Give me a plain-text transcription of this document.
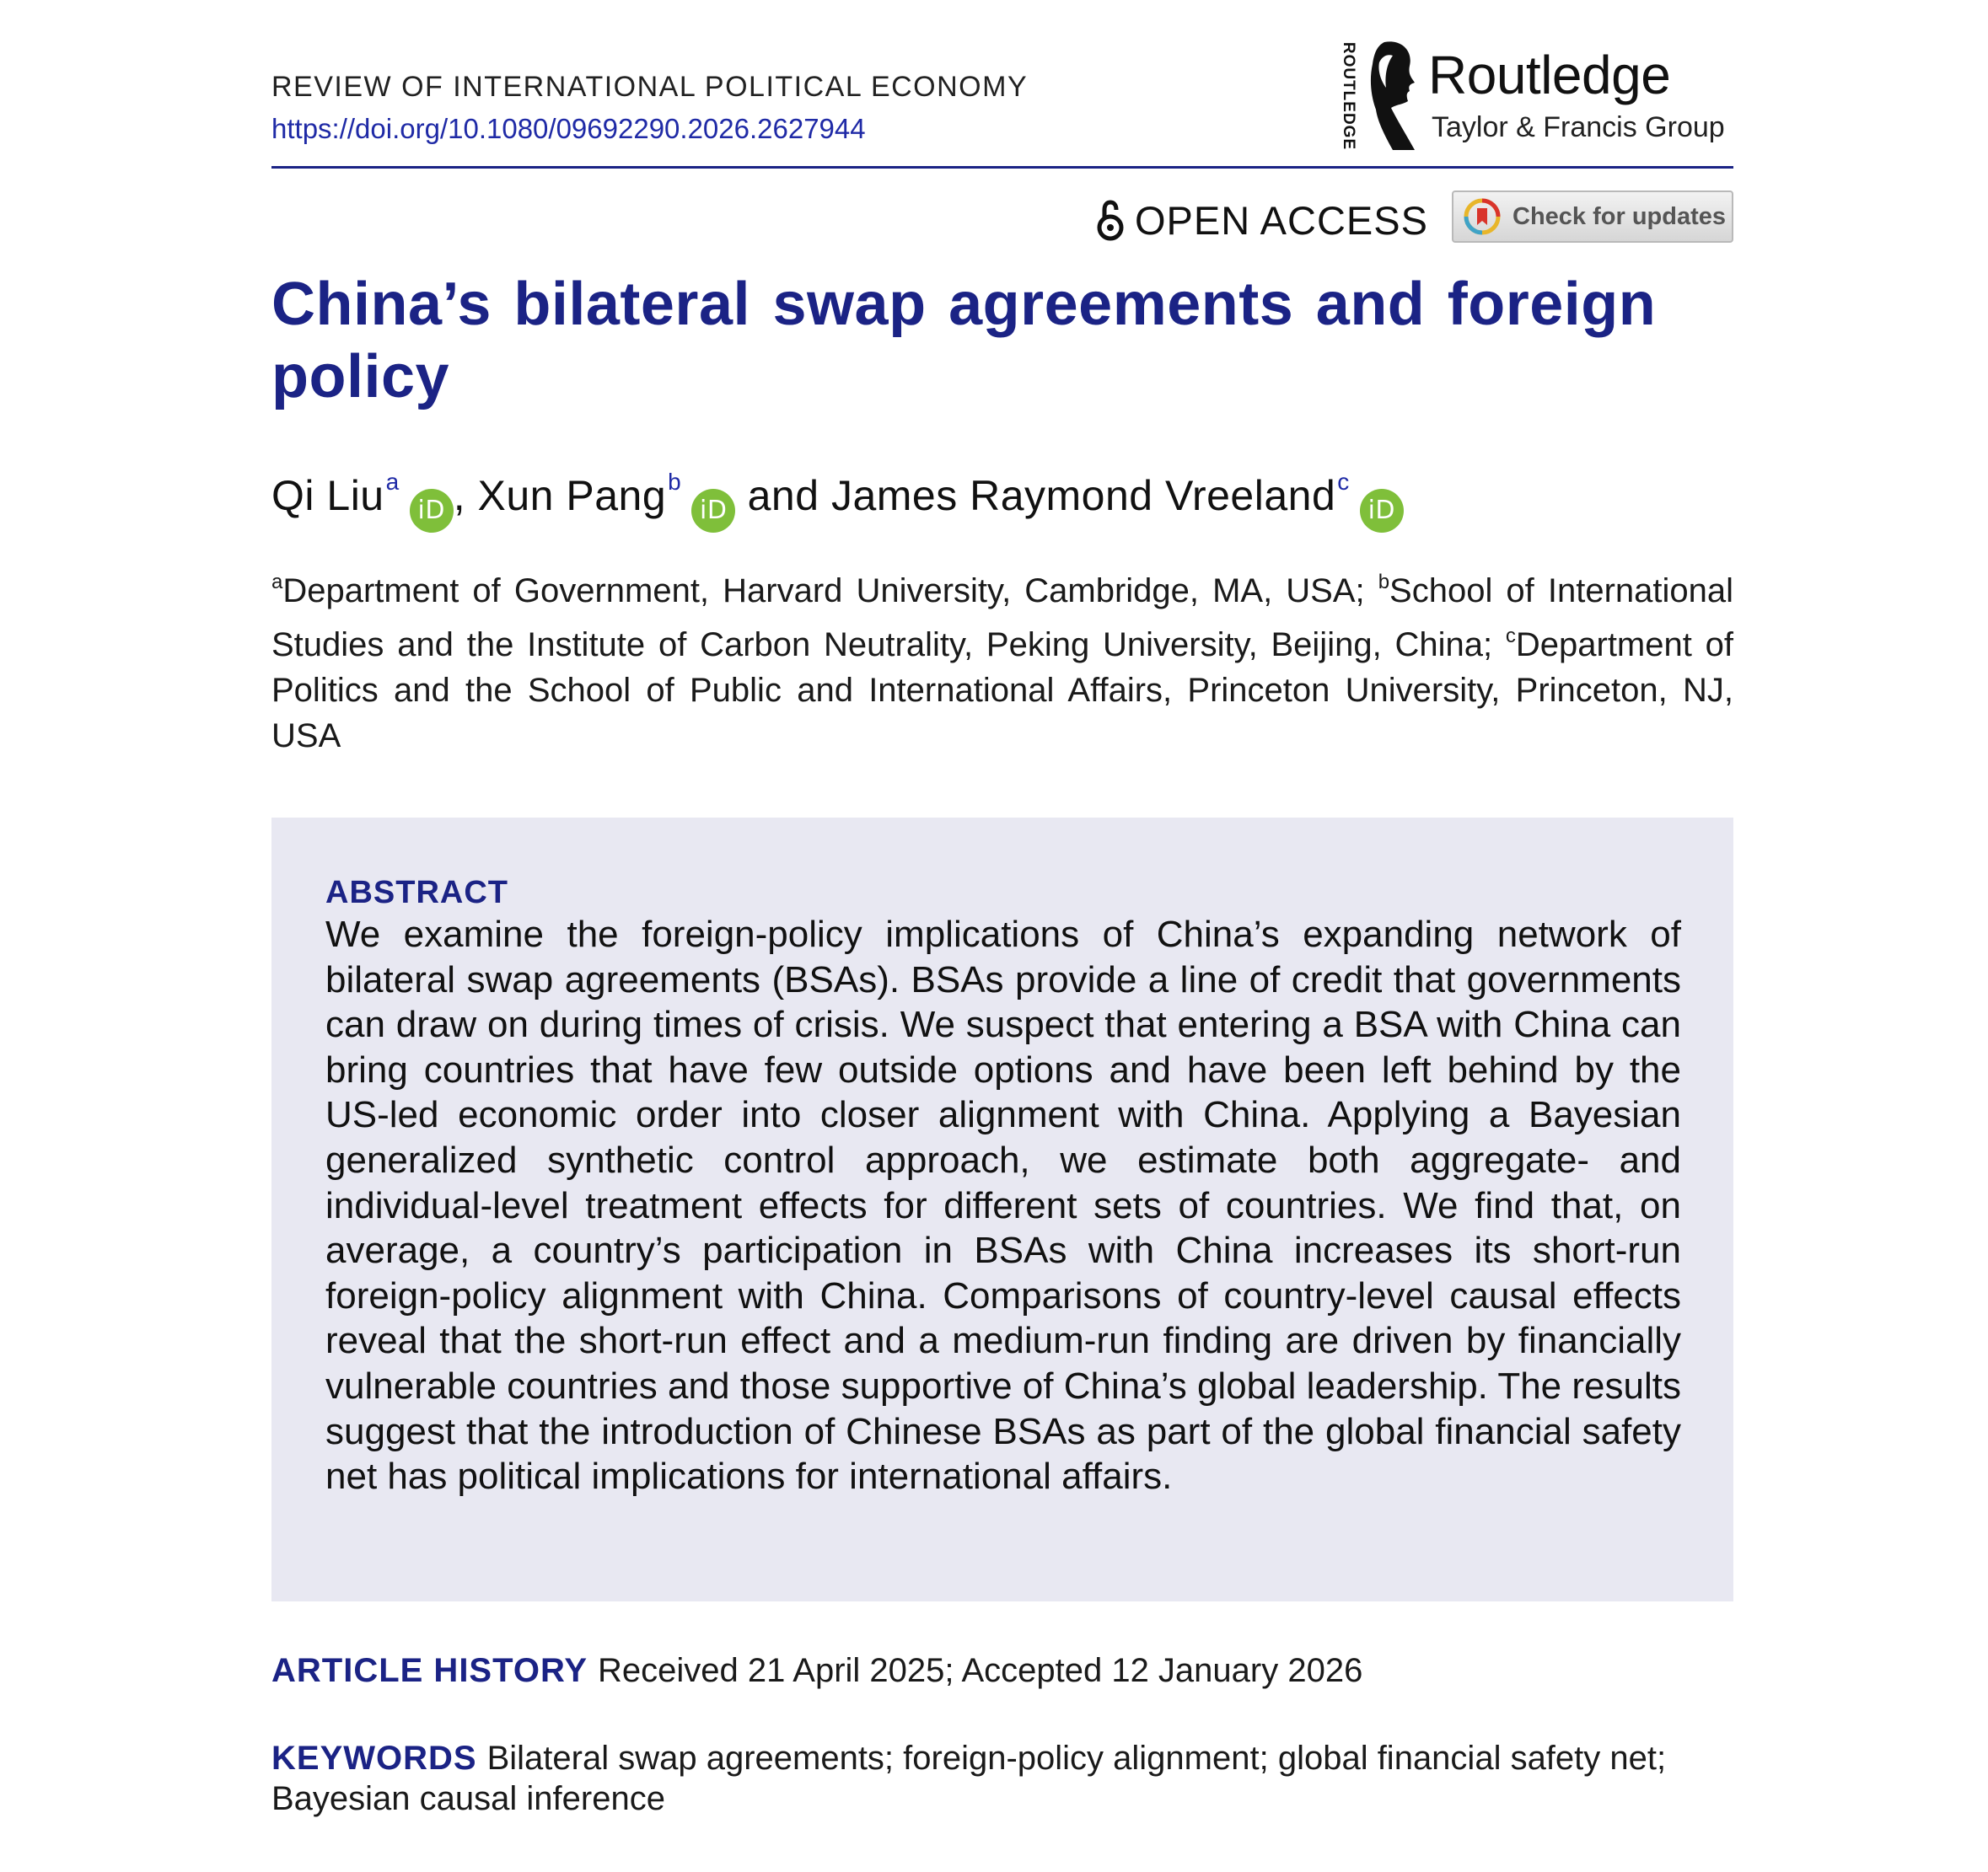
REVIEW OF INTERNATIONAL POLITICAL ECONOMY
https://doi.org/10.1080/09692290.2026.2627944	ROUTLEDGE Routledge
Taylor & Francis Group
OPEN ACCESS	Check for updates
China’s bilateral swap agreements and foreign policy
Qi Liu$^a$iD , Xun Pang$^b$iD and James Raymond Vreeland$^c$iD
$^a$Department of Government, Harvard University, Cambridge, MA, USA; $^b$School of International Studies and the Institute of Carbon Neutrality, Peking University, Beijing, China; $^c$Department of Politics and the School of Public and International Affairs, Princeton University, Princeton, NJ, USA
ABSTRACT
We examine the foreign-policy implications of China’s expanding network of bilateral swap agreements (BSAs). BSAs provide a line of credit that governments can draw on during times of crisis. We suspect that entering a BSA with China can bring countries that have few outside options and have been left behind by the US-led economic order into closer alignment with China. Applying a Bayesian generalized synthetic control approach, we estimate both aggregate- and individual-level treatment effects for different sets of countries. We find that, on average, a country’s participation in BSAs with China increases its short-run foreign-policy alignment with China. Comparisons of country-level causal effects reveal that the short-run effect and a medium-run finding are driven by financially vulnerable countries and those supportive of China’s global leadership. The results suggest that the introduction of Chinese BSAs as part of the global financial safety net has political implications for international affairs.
ARTICLE HISTORY Received 21 April 2025; Accepted 12 January 2026
KEYWORDS Bilateral swap agreements; foreign-policy alignment; global financial safety net; Bayesian causal inference
